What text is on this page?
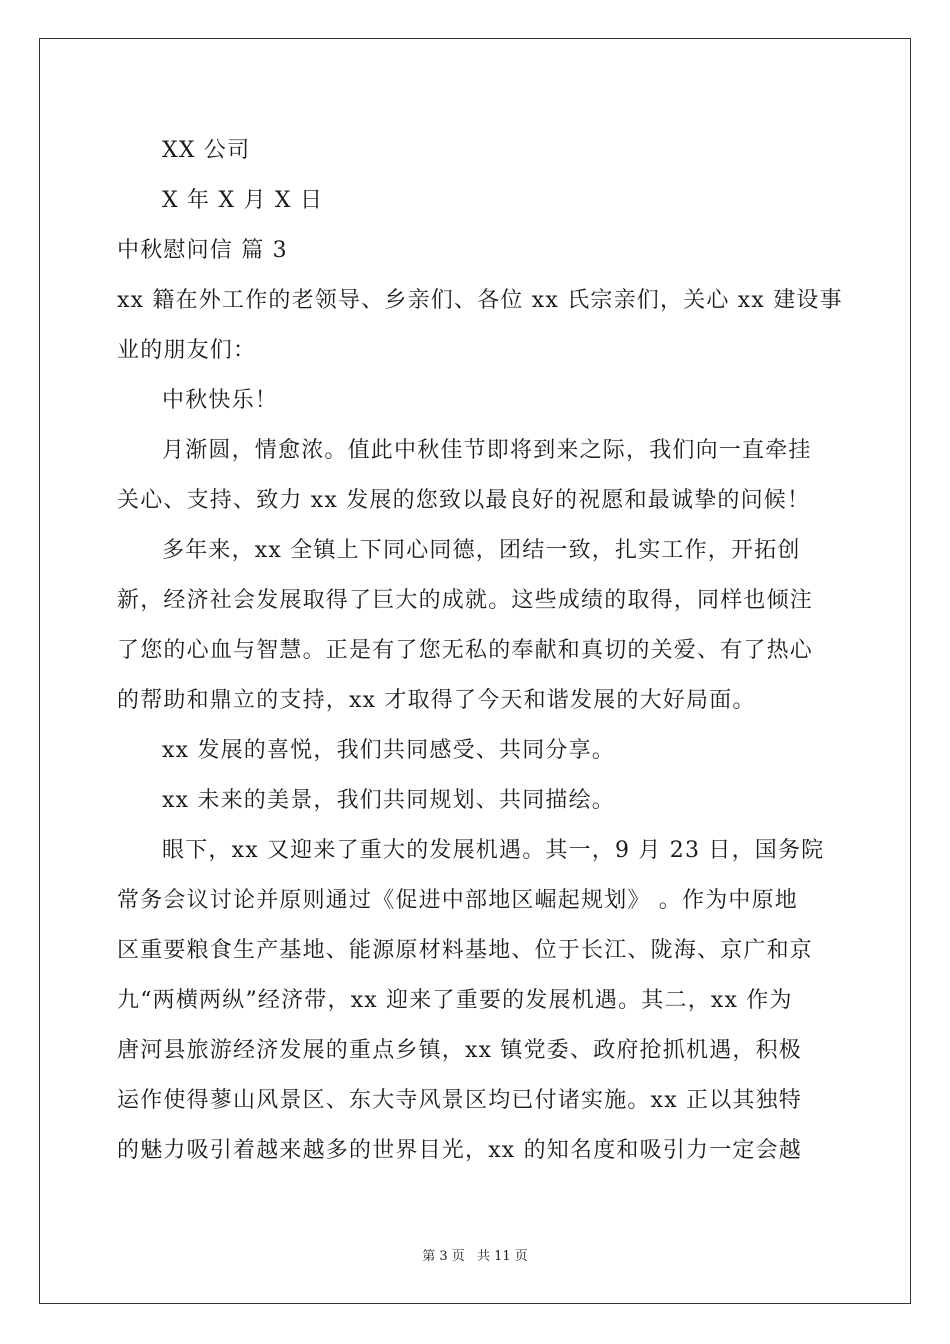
XX 公司
X 年 X 月 X 日
中秋慰问信 篇 3
xx 籍在外工作的老领导、乡亲们、各位 xx 氏宗亲们，关心 xx 建设事
业的朋友们：
中秋快乐！
月渐圆，情愈浓。值此中秋佳节即将到来之际，我们向一直牵挂
关心、支持、致力 xx 发展的您致以最良好的祝愿和最诚挚的问候！
多年来，xx 全镇上下同心同德，团结一致，扎实工作，开拓创
新，经济社会发展取得了巨大的成就。这些成绩的取得，同样也倾注
了您的心血与智慧。正是有了您无私的奉献和真切的关爱、有了热心
的帮助和鼎立的支持，xx 才取得了今天和谐发展的大好局面。
xx 发展的喜悦，我们共同感受、共同分享。
xx 未来的美景，我们共同规划、共同描绘。
眼下，xx 又迎来了重大的发展机遇。其一，9 月 23 日，国务院
常务会议讨论并原则通过《促进中部地区崛起规划》 。作为中原地
区重要粮食生产基地、能源原材料基地、位于长江、陇海、京广和京
九“两横两纵”经济带，xx 迎来了重要的发展机遇。其二，xx 作为
唐河县旅游经济发展的重点乡镇，xx 镇党委、政府抢抓机遇，积极
运作使得蓼山风景区、东大寺风景区均已付诸实施。xx 正以其独特
的魅力吸引着越来越多的世界目光，xx 的知名度和吸引力一定会越
第 3 页 共 11 页
